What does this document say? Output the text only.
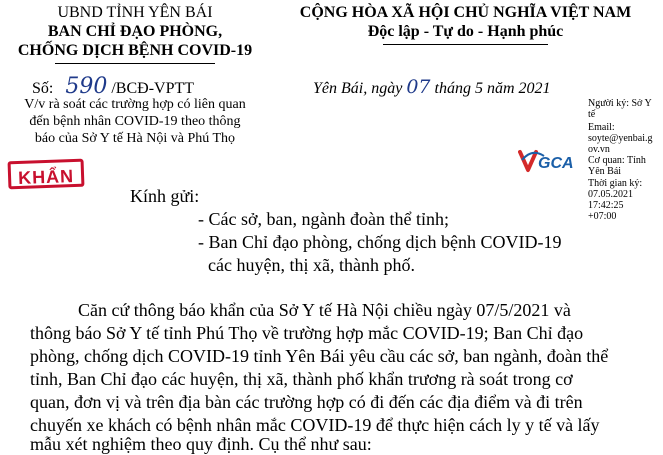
UBND TỈNH YÊN BÁI
BAN CHỈ ĐẠO PHÒNG,
CHỐNG DỊCH BỆNH COVID-19
Số: 590 /BCĐ-VPTT
V/v rà soát các trường hợp có liên quan
đến bệnh nhân COVID-19 theo thông
báo của Sở Y tế Hà Nội và Phú Thọ
KHẨN
CỘNG HÒA XÃ HỘI CHỦ NGHĨA VIỆT NAM
Độc lập - Tự do - Hạnh phúc
Yên Bái, ngày 07 tháng 5 năm 2021
GCA
Người ký: Sở Y
tế
Email:
soyte@yenbai.g
ov.vn
Cơ quan: Tỉnh
Yên Bái
Thời gian ký:
07.05.2021
17:42:25
+07:00
Kính gửi:
- Các sở, ban, ngành đoàn thể tỉnh;
- Ban Chỉ đạo phòng, chống dịch bệnh COVID-19
các huyện, thị xã, thành phố.
Căn cứ thông báo khẩn của Sở Y tế Hà Nội chiều ngày 07/5/2021 và
thông báo Sở Y tế tỉnh Phú Thọ về trường hợp mắc COVID-19; Ban Chỉ đạo
phòng, chống dịch COVID-19 tỉnh Yên Bái yêu cầu các sở, ban ngành, đoàn thể
tỉnh, Ban Chỉ đạo các huyện, thị xã, thành phố khẩn trương rà soát trong cơ
quan, đơn vị và trên địa bàn các trường hợp có đi đến các địa điểm và đi trên
chuyến xe khách có bệnh nhân mắc COVID-19 để thực hiện cách ly y tế và lấy
mẫu xét nghiệm theo quy định. Cụ thể như sau:
